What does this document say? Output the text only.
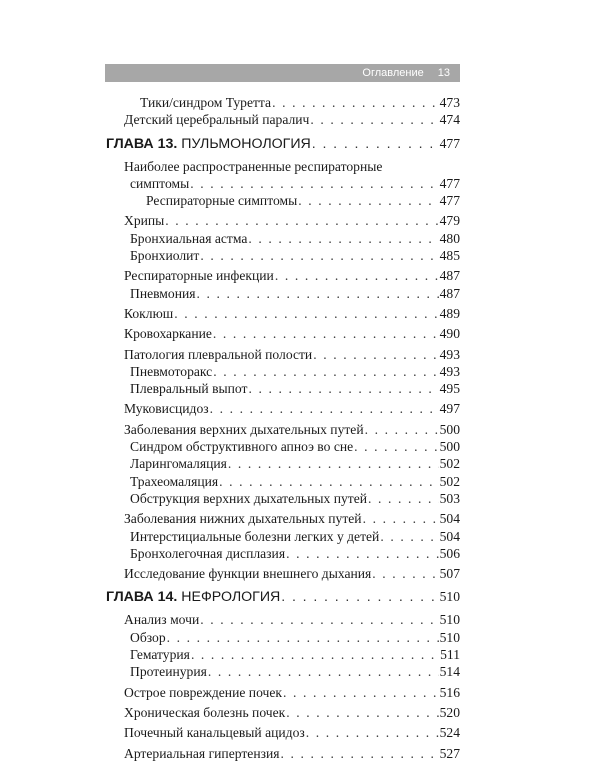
Оглавление 13
Тики/синдром Туретта . . .	473
Детский церебральный паралич . . .	474
ГЛАВА 13. ПУЛЬМОНОЛОГИЯ . . .	477
Наиболее распространенные респираторные
симптомы . . .	477
Респираторные симптомы . . .	477
Хрипы . . .	479
Бронхиальная астма . . .	480
Бронхиолит . . .	485
Респираторные инфекции . . .	487
Пневмония . . .	487
Коклюш . . .	489
Кровохаркание . . .	490
Патология плевральной полости . . .	493
Пневмоторакс . . .	493
Плевральный выпот . . .	495
Муковисцидоз . . .	497
Заболевания верхних дыхательных путей . . .	500
Синдром обструктивного апноэ во сне . . .	500
Ларингомаляция . . .	502
Трахеомаляция . . .	502
Обструкция верхних дыхательных путей . . .	503
Заболевания нижних дыхательных путей . . .	504
Интерстициальные болезни легких у детей . . .	504
Бронхолегочная дисплазия . . .	506
Исследование функции внешнего дыхания . . .	507
ГЛАВА 14. НЕФРОЛОГИЯ . . .	510
Анализ мочи . . .	510
Обзор . . .	510
Гематурия . . .	511
Протеинурия . . .	514
Острое повреждение почек . . .	516
Хроническая болезнь почек . . .	520
Почечный канальцевый ацидоз . . .	524
Артериальная гипертензия . . .	527
